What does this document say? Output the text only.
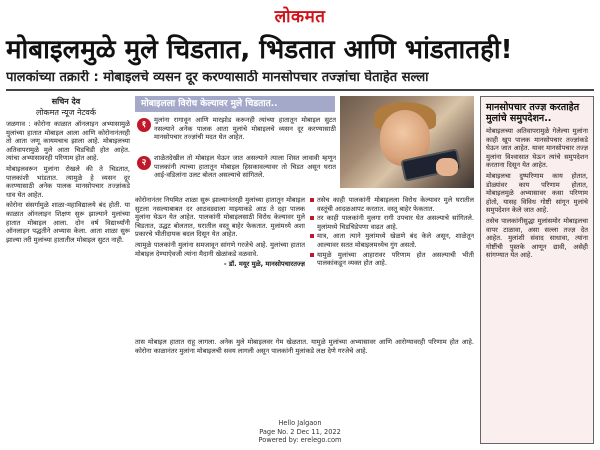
लोकमत
मोबाइलमुळे मुले चिडतात, भिडतात आणि भांडतातही!
पालकांच्या तक्रारी : मोबाइलचे व्यसन दूर करण्यासाठी मानसोपचार तज्ज्ञांचा घेताहेत सल्ला
सचिन देव
लोकमत न्यूज नेटवर्क

जळगाव : कोरोना काळात ऑनलाइन अभ्यासामुळे मुलांच्या हातात मोबाइल आला आणि कोरोनानंतरही तो आता जणू कायमचाच झाला आहे. मोबाइलच्या अतिवापरामुळे मुले आता चिडचिडी होत आहेत. त्यांचा अभ्यासावरही परिणाम होत आहे.

मोबाइलवरून मुलांना रोखले की ते चिडतात, पालकांशी भांडतात. त्यामुळे हे व्यसन दूर करण्यासाठी अनेक पालक मानसोपचार तज्ज्ञांकडे धाव घेत आहेत.

कोरोना संसर्गामुळे शाळा-महाविद्यालये बंद होती. या काळात ऑनलाइन शिक्षण सुरू झाल्याने मुलांच्या हातात मोबाइल आला. दोन वर्ष विद्यार्थ्यांनी ऑनलाइन पद्धतीने अभ्यास केला. आता शाळा सुरू झाल्या तरी मुलांच्या हातातील मोबाइल सुटत नाही.

मोबाइलला विरोध केल्यावर मुले चिडतात..
१	मुलांना रागावून आणि मारझोड करूनही त्यांच्या हातातून मोबाइल सुटत नसल्याने अनेक पालक आता मुलांचे मोबाइलचे व्यसन दूर करण्यासाठी मानसोपचार तज्ज्ञांची मदत घेत आहेत.

२	शाळेतदेखील तो मोबाइल घेऊन जात असल्याने त्याला शिस्त लावावी म्हणून पालकांनी त्याच्या हातातून मोबाइल हिसकावल्यावर तो चिडत असून घरात आई-वडिलांना उलट बोलत असल्याचे सांगितले.

कोरोनानंतर नियमित शाळा सुरू झाल्यानंतरही मुलांच्या हातातून मोबाइल सुटला नसल्याबाबत दर आठवड्याला माझ्याकडे आठ ते दहा पालक मुलांना घेऊन येत आहेत. पालकांनी मोबाइलसाठी विरोध केल्यावर मुले चिडतात, उद्धट बोलतात, घरातील वस्तू बाहेर फेकतात. मुलांमध्ये अशा प्रकारचे भीतीदायक बदल दिसून येत आहेत.

त्यामुळे पालकांनी मुलांना समजावून सांगणे गरजेचे आहे. मुलांच्या हातात मोबाइल देण्याऐवजी त्यांना मैदानी खेळांकडे वळवावे.

- डॉ. मयूर मुळे, मानसोपचारतज्ज्ञ

तसेच काही पालकांनी मोबाइलला विरोध केल्यावर मुले घरातील वस्तूंची आदळआपट करतात. वस्तू बाहेर फेकतात.
तर काही पालकांनी मुलगा रागी उपचार घेत असल्याचे सांगितले. मुलांमध्ये चिडचिडेपणा वाढत आहे.
मात्र, आता त्याने मुलांमध्ये खेळणे बंद केले असून, शाळेतून आल्यावर सतत मोबाइलमध्येच गुंग असतो.
यामुळे मुलांच्या आहारावर परिणाम होत असल्याची भीती पालकांकडून व्यक्त होत आहे.

तास मोबाइल हातात राहू लागला. अनेक मुले मोबाइलवर गेम खेळतात. यामुळे मुलांच्या अभ्यासावर आणि आरोग्यावरही परिणाम होत आहे. कोरोना काळानंतर मुलांना मोबाइलची सवय लागली असून पालकांनी मुलांकडे लक्ष देणे गरजेचे आहे.

मानसोपचार तज्ज्ञ करताहेत मुलांचे समुपदेशन..

मोबाइलच्या अतिवापरामुळे गेलेल्या मुलांना काही खूप पालक मानसोपचार तज्ज्ञांकडे घेऊन जात आहेत. यावर मानसोपचार तज्ज्ञ मुलांना विश्वासात घेऊन त्यांचे समुपदेशन करताना दिसून येत आहेत.

मोबाइलचा दुष्परिणाम काय होतात, डोळ्यांवर काय परिणाम होतात, मोबाइलमुळे अभ्यासावर कसा परिणाम होतो, यासह विविध गोष्टी सांगून मुलांचे समुपदेशन केले जात आहे.

तसेच पालकांनीसुद्धा मुलांसमोर मोबाइलचा वापर टाळावा, असा सल्ला तज्ज्ञ देत आहेत. मुलांशी संवाद साधावा, त्यांना गोष्टींची पुस्तके आणून द्यावी, असेही सांगण्यात येत आहे.

Hello Jalgaon
Page No. 2 Dec 11, 2022
Powered by: erelego.com
